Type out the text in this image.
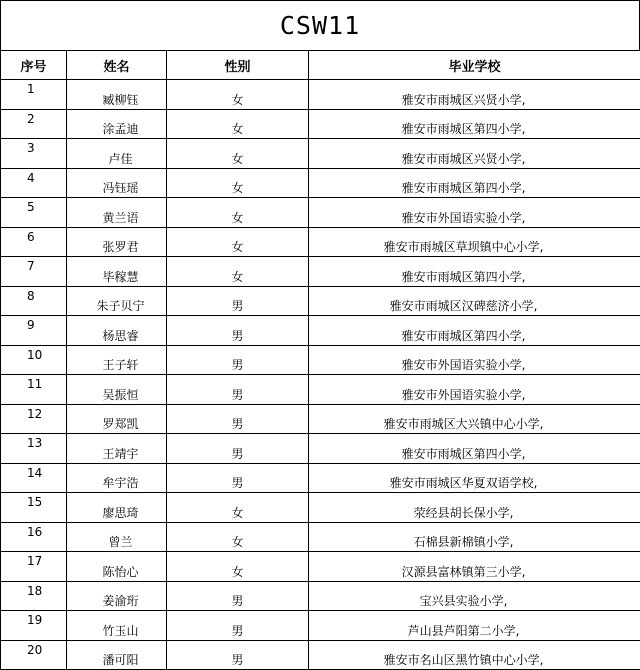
CSW11
序号	姓名	性别	毕业学校
1	臧柳钰	女	雅安市雨城区兴贤小学,
2	涂孟迪	女	雅安市雨城区第四小学,
3	卢佳	女	雅安市雨城区兴贤小学,
4	冯钰瑶	女	雅安市雨城区第四小学,
5	黄兰语	女	雅安市外国语实验小学,
6	张罗君	女	雅安市雨城区草坝镇中心小学,
7	毕稼慧	女	雅安市雨城区第四小学,
8	朱子贝宁	男	雅安市雨城区汉碑慈济小学,
9	杨思睿	男	雅安市雨城区第四小学,
10	王子轩	男	雅安市外国语实验小学,
11	吴振恒	男	雅安市外国语实验小学,
12	罗郑凯	男	雅安市雨城区大兴镇中心小学,
13	王靖宇	男	雅安市雨城区第四小学,
14	牟宇浩	男	雅安市雨城区华夏双语学校,
15	廖思琦	女	荥经县胡长保小学,
16	曾兰	女	石棉县新棉镇小学,
17	陈怡心	女	汉源县富林镇第三小学,
18	姜渝珩	男	宝兴县实验小学,
19	竹玉山	男	芦山县芦阳第二小学,
20	潘可阳	男	雅安市名山区黑竹镇中心小学,
